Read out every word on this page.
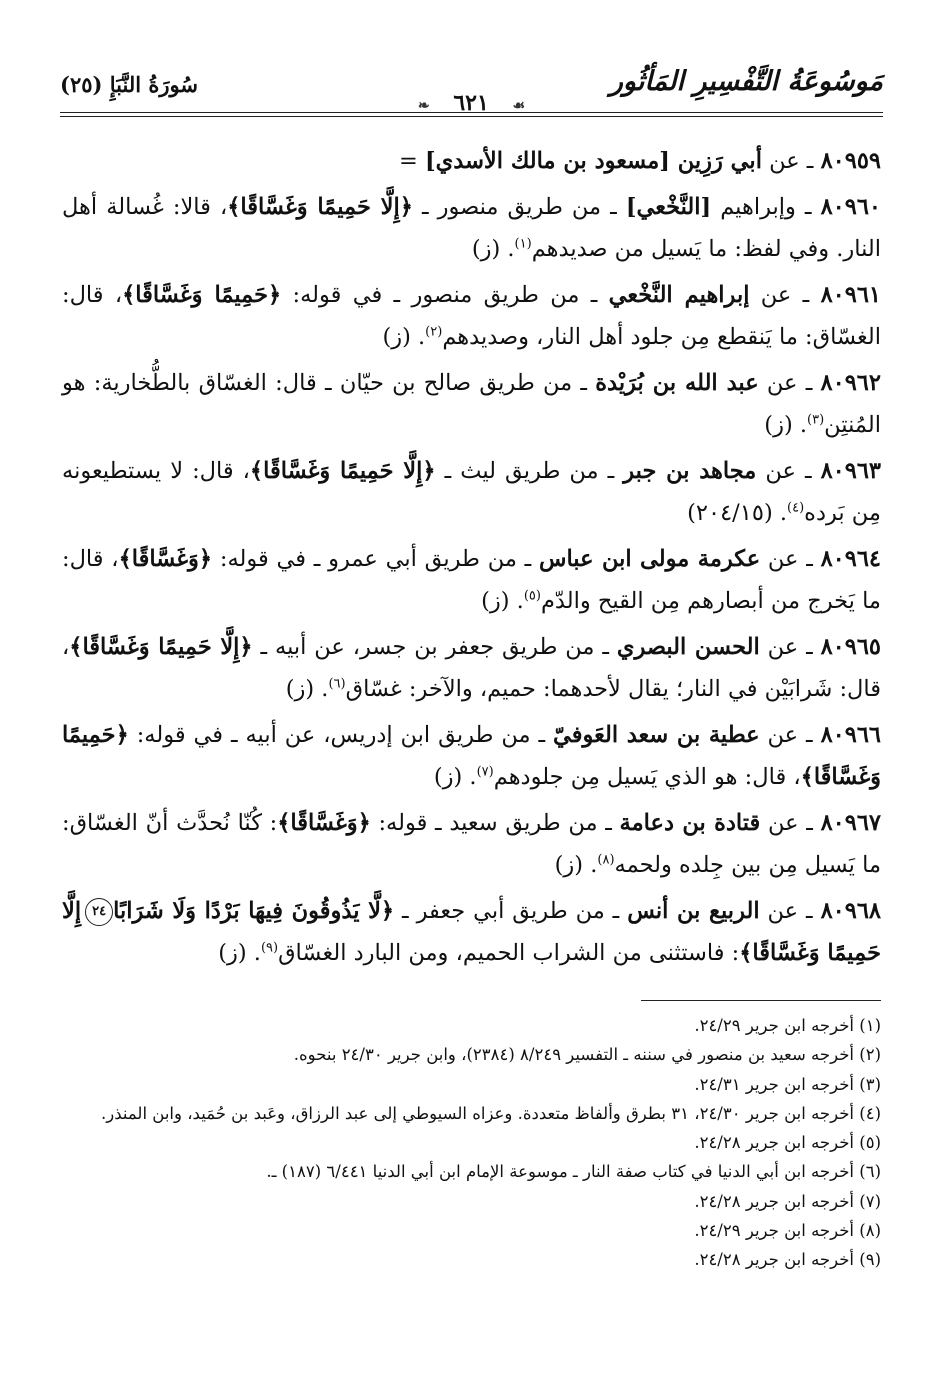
مَوسُوعَةُ التَّفْسِيرِ المَأثُور
سُورَةُ النَّبَإِ (٢٥)
☙ ٦٢١ ❧

٨٠٩٥٩ ـ عن أبي رَزِين [مسعود بن مالك الأسدي] =

٨٠٩٦٠ ـ وإبراهيم [النَّخْعي] ـ من طريق منصور ـ ﴿إِلَّا حَمِيمًا وَغَسَّاقًا﴾، قالا: غُسالة أهل النار. وفي لفظ: ما يَسيل من صديدهم$^{(١)}$. (ز)

٨٠٩٦١ ـ عن إبراهيم النَّخْعي ـ من طريق منصور ـ في قوله: ﴿حَمِيمًا وَغَسَّاقًا﴾، قال: الغسّاق: ما يَنقطع مِن جلود أهل النار، وصديدهم$^{(٢)}$. (ز)

٨٠٩٦٢ ـ عن عبد الله بن بُرَيْدة ـ من طريق صالح بن حيّان ـ قال: الغسّاق بالطُّخارية: هو المُنتِن$^{(٣)}$. (ز)

٨٠٩٦٣ ـ عن مجاهد بن جبر ـ من طريق ليث ـ ﴿إِلَّا حَمِيمًا وَغَسَّاقًا﴾، قال: لا يستطيعونه مِن بَرده$^{(٤)}$. (٢٠٤/١٥)

٨٠٩٦٤ ـ عن عكرمة مولى ابن عباس ـ من طريق أبي عمرو ـ في قوله: ﴿وَغَسَّاقًا﴾، قال: ما يَخرج من أبصارهم مِن القيح والدّم$^{(٥)}$. (ز)

٨٠٩٦٥ ـ عن الحسن البصري ـ من طريق جعفر بن جسر، عن أبيه ـ ﴿إِلَّا حَمِيمًا وَغَسَّاقًا﴾، قال: شَرابَيْن في النار؛ يقال لأحدهما: حميم، والآخر: غسّاق$^{(٦)}$. (ز)

٨٠٩٦٦ ـ عن عطية بن سعد العَوفيّ ـ من طريق ابن إدريس، عن أبيه ـ في قوله: ﴿حَمِيمًا وَغَسَّاقًا﴾، قال: هو الذي يَسيل مِن جلودهم$^{(٧)}$. (ز)

٨٠٩٦٧ ـ عن قتادة بن دعامة ـ من طريق سعيد ـ قوله: ﴿وَغَسَّاقًا﴾: كُنّا نُحدَّث أنّ الغسّاق: ما يَسيل مِن بين جِلده ولحمه$^{(٨)}$. (ز)

٨٠٩٦٨ ـ عن الربيع بن أنس ـ من طريق أبي جعفر ـ ﴿لَّا يَذُوقُونَ فِيهَا بَرْدًا وَلَا شَرَابًا٢٤إِلَّا حَمِيمًا وَغَسَّاقًا﴾: فاستثنى من الشراب الحميم، ومن البارد الغسّاق$^{(٩)}$. (ز)

(١) أخرجه ابن جرير ٢٤/٢٩.

(٢) أخرجه سعيد بن منصور في سننه ـ التفسير ٨/٢٤٩ (٢٣٨٤)، وابن جرير ٢٤/٣٠ بنحوه.

(٣) أخرجه ابن جرير ٢٤/٣١.

(٤) أخرجه ابن جرير ٢٤/٣٠، ٣١ بطرق وألفاظ متعددة. وعزاه السيوطي إلى عبد الرزاق، وعَبد بن حُمَيد، وابن المنذر.

(٥) أخرجه ابن جرير ٢٤/٢٨.

(٦) أخرجه ابن أبي الدنيا في كتاب صفة النار ـ موسوعة الإمام ابن أبي الدنيا ٦/٤٤١ (١٨٧) ـ.

(٧) أخرجه ابن جرير ٢٤/٢٨.

(٨) أخرجه ابن جرير ٢٤/٢٩.

(٩) أخرجه ابن جرير ٢٤/٢٨.
